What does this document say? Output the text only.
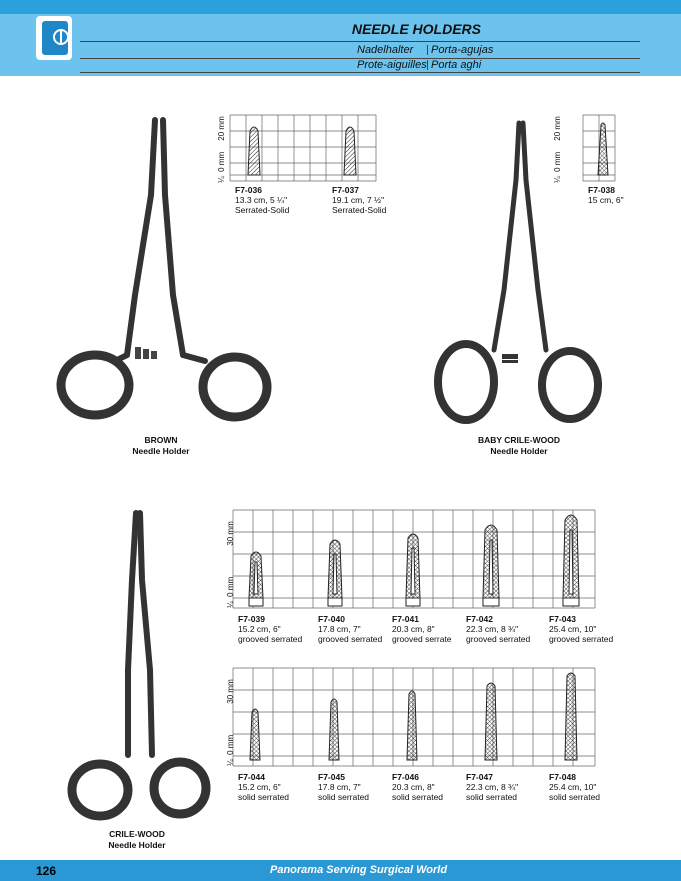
NEEDLE HOLDERS
Nadelhalter Porta-agujas
Prote-aiguilles Porta aghi
BROWN
Needle Holder
BABY CRILE-WOOD
Needle Holder
CRILE-WOOD
Needle Holder
¼  0 mm     20 mm
F7-036
13.3 cm, 5 ¼"
Serrated-Solid
F7-037
19.1 cm, 7 ½"
Serrated-Solid
¼  0 mm     20 mm
F7-038
15 cm, 6"
¼  0 mm              30 mm
F7-039
15.2 cm, 6"
grooved serrated
F7-040
17.8 cm, 7"
grooved serrated
F7-041
20.3 cm, 8"
grooved serrate
F7-042
22.3 cm, 8 ¾"
grooved serrated
F7-043
25.4 cm, 10"
grooved serrated
¼  0 mm              30 mm
F7-044
15.2 cm, 6"
solid serrated
F7-045
17.8 cm, 7"
solid serrated
F7-046
20.3 cm, 8"
solid serrated
F7-047
22.3 cm, 8 ¾"
solid serrated
F7-048
25.4 cm, 10"
solid serrated
126	Panorama Serving Surgical World
